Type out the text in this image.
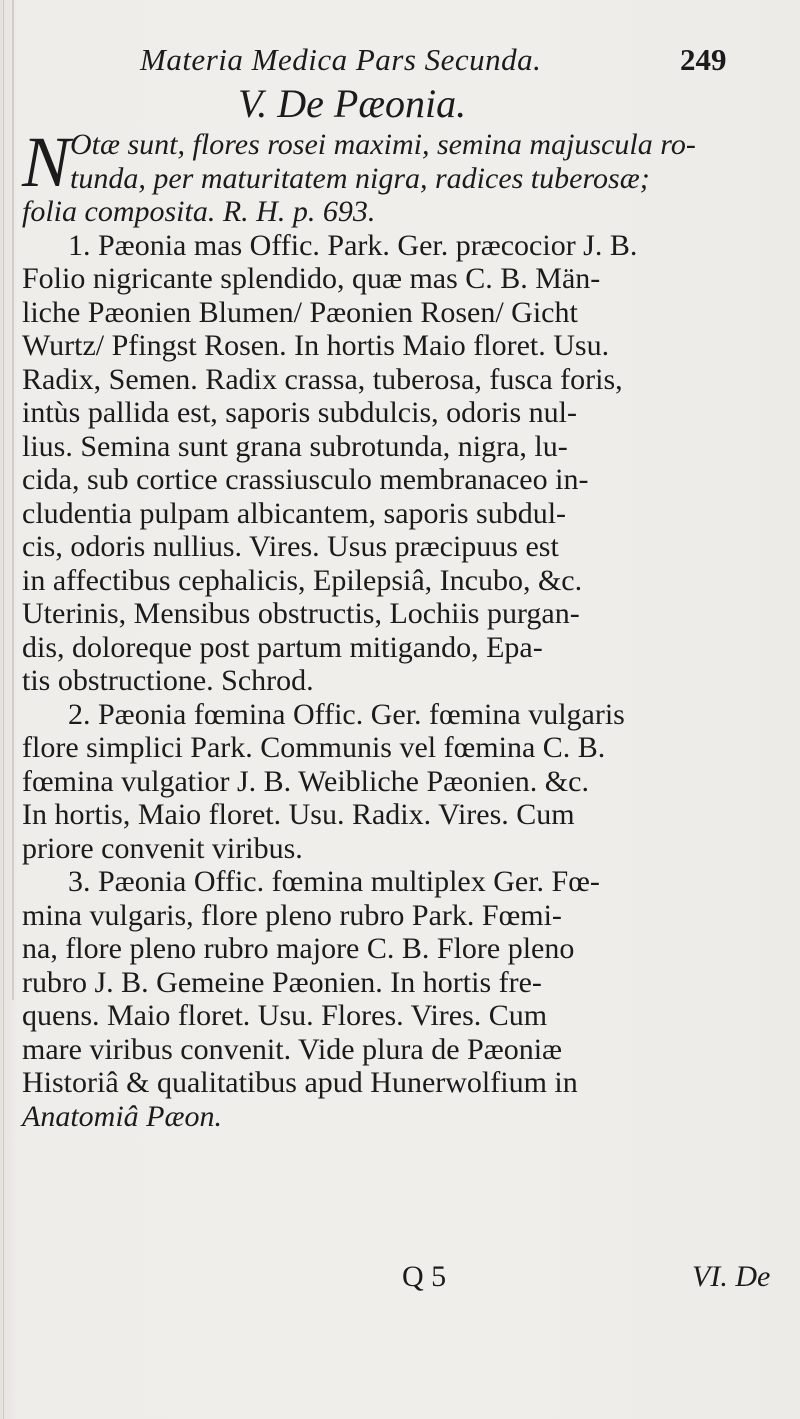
Materia Medica Pars Secunda.	249
V. De Pæonia.
N Otæ sunt, flores rosei maximi, semina majuscula ro-
tunda, per maturitatem nigra, radices tuberosæ;
folia composita. R. H. p. 693.
1. Pæonia mas Offic. Park. Ger. præcocior J. B.
Folio nigricante splendido, quæ mas C. B. Män-
liche Pæonien Blumen/ Pæonien Rosen/ Gicht
Wurtz/ Pfingst Rosen. In hortis Maio floret. Usu.
Radix, Semen. Radix crassa, tuberosa, fusca foris,
intùs pallida est, saporis subdulcis, odoris nul-
lius. Semina sunt grana subrotunda, nigra, lu-
cida, sub cortice crassiusculo membranaceo in-
cludentia pulpam albicantem, saporis subdul-
cis, odoris nullius. Vires. Usus præcipuus est
in affectibus cephalicis, Epilepsiâ, Incubo, &c.
Uterinis, Mensibus obstructis, Lochiis purgan-
dis, doloreque post partum mitigando, Epa-
tis obstructione. Schrod.
2. Pæonia fœmina Offic. Ger. fœmina vulgaris
flore simplici Park. Communis vel fœmina C. B.
fœmina vulgatior J. B. Weibliche Pæonien. &c.
In hortis, Maio floret. Usu. Radix. Vires. Cum
priore convenit viribus.
3. Pæonia Offic. fœmina multiplex Ger. Fœ-
mina vulgaris, flore pleno rubro Park. Fœmi-
na, flore pleno rubro majore C. B. Flore pleno
rubro J. B. Gemeine Pæonien. In hortis fre-
quens. Maio floret. Usu. Flores. Vires. Cum
mare viribus convenit. Vide plura de Pæoniæ
Historiâ & qualitatibus apud Hunerwolfium in
Anatomiâ Pæon.
Q 5	VI. De
